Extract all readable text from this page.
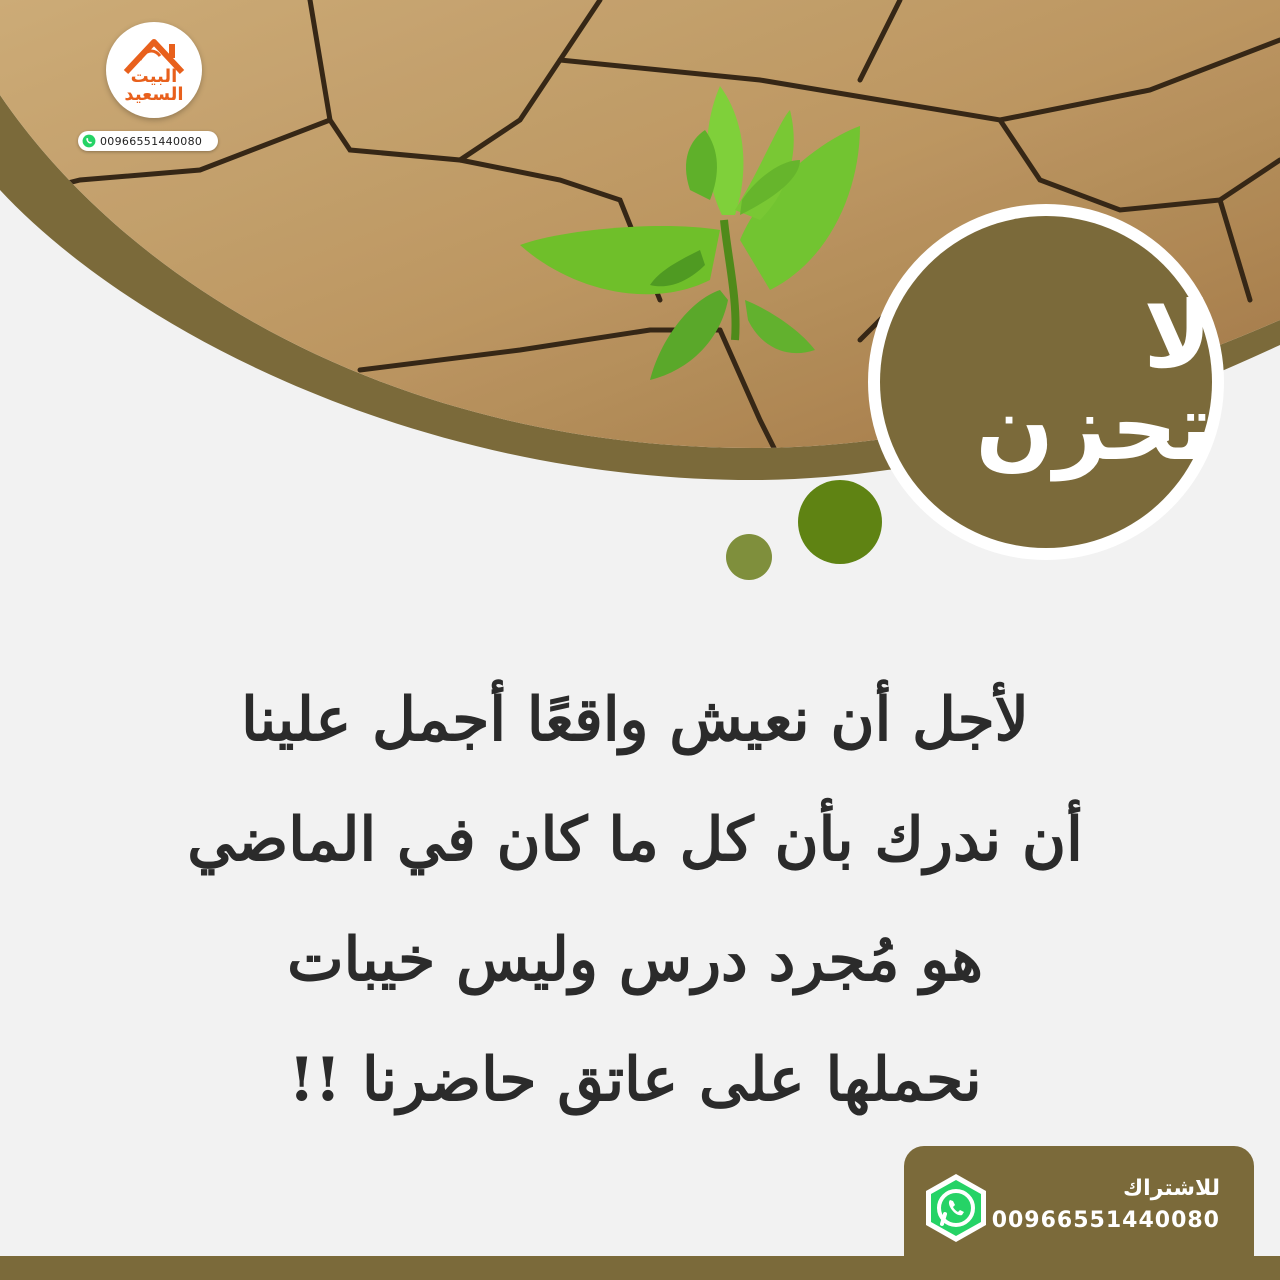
البيت السعيد
00966551440080
لا تحزن
لأجل أن نعيش واقعًا أجمل علينا
أن ندرك بأن كل ما كان في الماضي
هو مُجرد درس وليس خيبات
نحملها على عاتق حاضرنا !!
للاشتراك
00966551440080
